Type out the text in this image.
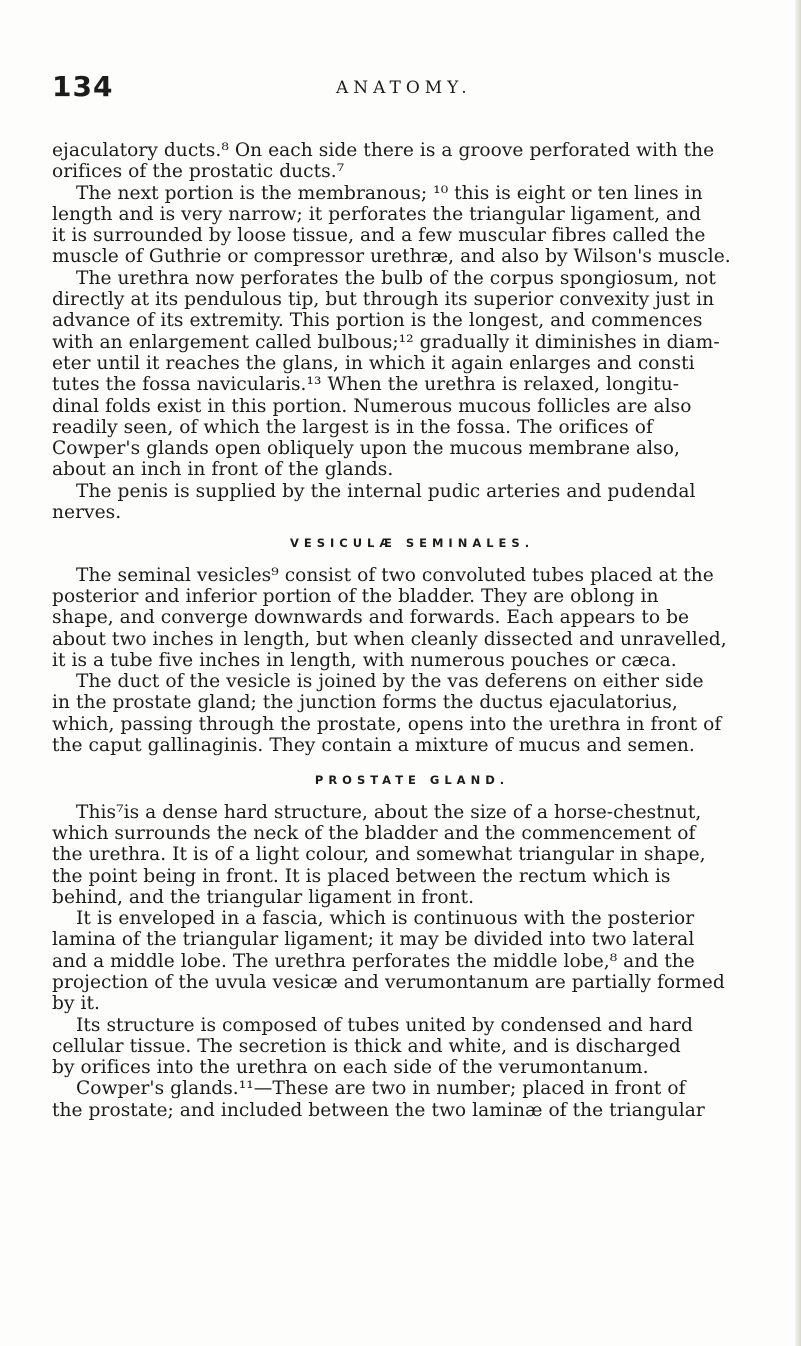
134	ANATOMY.
ejaculatory ducts.⁸ On each side there is a groove perforated with the
orifices of the prostatic ducts.⁷
The next portion is the membranous; ¹⁰ this is eight or ten lines in
length and is very narrow; it perforates the triangular ligament, and
it is surrounded by loose tissue, and a few muscular fibres called the
muscle of Guthrie or compressor urethræ, and also by Wilson's muscle.
The urethra now perforates the bulb of the corpus spongiosum, not
directly at its pendulous tip, but through its superior convexity just in
advance of its extremity. This portion is the longest, and commences
with an enlargement called bulbous;¹² gradually it diminishes in diam-
eter until it reaches the glans, in which it again enlarges and consti
tutes the fossa navicularis.¹³ When the urethra is relaxed, longitu-
dinal folds exist in this portion. Numerous mucous follicles are also
readily seen, of which the largest is in the fossa. The orifices of
Cowper's glands open obliquely upon the mucous membrane also,
about an inch in front of the glands.
The penis is supplied by the internal pudic arteries and pudendal
nerves.
VESICULÆ SEMINALES.
The seminal vesicles⁹ consist of two convoluted tubes placed at the
posterior and inferior portion of the bladder. They are oblong in
shape, and converge downwards and forwards. Each appears to be
about two inches in length, but when cleanly dissected and unravelled,
it is a tube five inches in length, with numerous pouches or cæca.
The duct of the vesicle is joined by the vas deferens on either side
in the prostate gland; the junction forms the ductus ejaculatorius,
which, passing through the prostate, opens into the urethra in front of
the caput gallinaginis. They contain a mixture of mucus and semen.
PROSTATE GLAND.
This⁷is a dense hard structure, about the size of a horse-chestnut,
which surrounds the neck of the bladder and the commencement of
the urethra. It is of a light colour, and somewhat triangular in shape,
the point being in front. It is placed between the rectum which is
behind, and the triangular ligament in front.
It is enveloped in a fascia, which is continuous with the posterior
lamina of the triangular ligament; it may be divided into two lateral
and a middle lobe. The urethra perforates the middle lobe,⁸ and the
projection of the uvula vesicæ and verumontanum are partially formed
by it.
Its structure is composed of tubes united by condensed and hard
cellular tissue. The secretion is thick and white, and is discharged
by orifices into the urethra on each side of the verumontanum.
Cowper's glands.¹¹—These are two in number; placed in front of
the prostate; and included between the two laminæ of the triangular
